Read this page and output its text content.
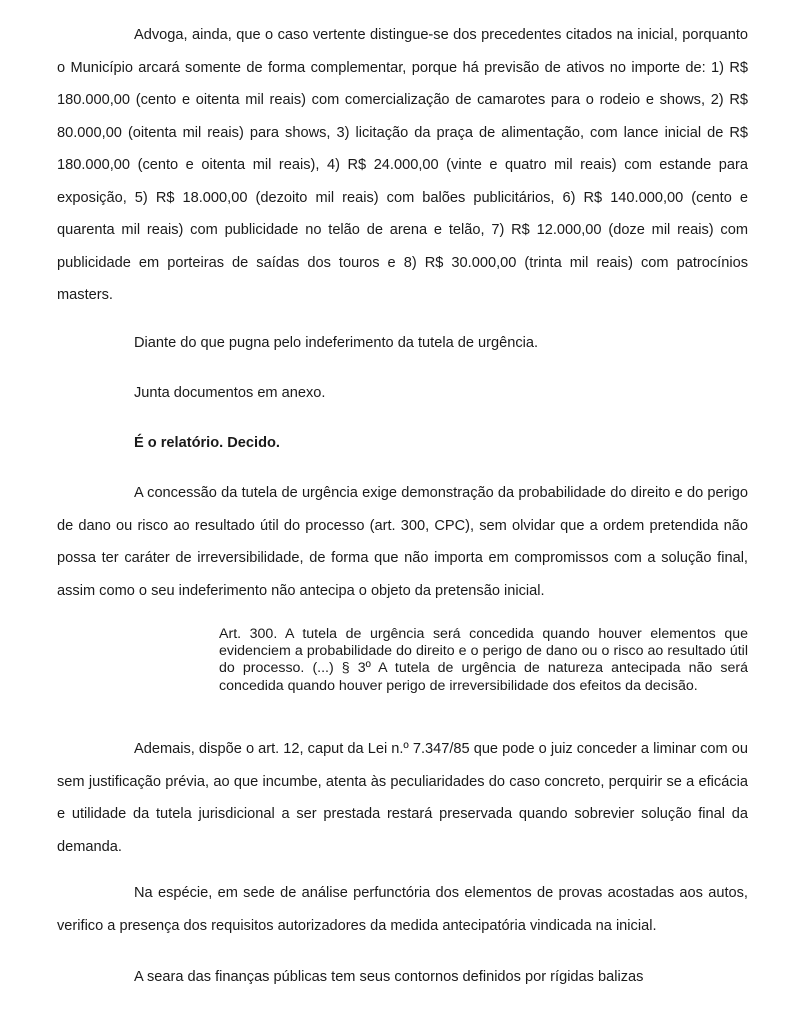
Advoga, ainda, que o caso vertente distingue-se dos precedentes citados na inicial, porquanto o Município arcará somente de forma complementar, porque há previsão de ativos no importe de: 1) R$ 180.000,00 (cento e oitenta mil reais) com comercialização de camarotes para o rodeio e shows, 2) R$ 80.000,00 (oitenta mil reais) para shows, 3) licitação da praça de alimentação, com lance inicial de R$ 180.000,00 (cento e oitenta mil reais), 4) R$ 24.000,00 (vinte e quatro mil reais) com estande para exposição, 5) R$ 18.000,00 (dezoito mil reais) com balões publicitários, 6) R$ 140.000,00 (cento e quarenta mil reais) com publicidade no telão de arena e telão, 7) R$ 12.000,00 (doze mil reais) com publicidade em porteiras de saídas dos touros e 8) R$ 30.000,00 (trinta mil reais) com patrocínios masters.

Diante do que pugna pelo indeferimento da tutela de urgência.

Junta documentos em anexo.

É o relatório. Decido.

A concessão da tutela de urgência exige demonstração da probabilidade do direito e do perigo de dano ou risco ao resultado útil do processo (art. 300, CPC), sem olvidar que a ordem pretendida não possa ter caráter de irreversibilidade, de forma que não importa em compromissos com a solução final, assim como o seu indeferimento não antecipa o objeto da pretensão inicial.

Art. 300. A tutela de urgência será concedida quando houver elementos que evidenciem a probabilidade do direito e o perigo de dano ou o risco ao resultado útil do processo. (...) § 3º A tutela de urgência de natureza antecipada não será concedida quando houver perigo de irreversibilidade dos efeitos da decisão.

Ademais, dispõe o art. 12, caput da Lei n.º 7.347/85 que pode o juiz conceder a liminar com ou sem justificação prévia, ao que incumbe, atenta às peculiaridades do caso concreto, perquirir se a eficácia e utilidade da tutela jurisdicional a ser prestada restará preservada quando sobrevier solução final da demanda.

Na espécie, em sede de análise perfunctória dos elementos de provas acostadas aos autos, verifico a presença dos requisitos autorizadores da medida antecipatória vindicada na inicial.

A seara das finanças públicas tem seus contornos definidos por rígidas balizas
